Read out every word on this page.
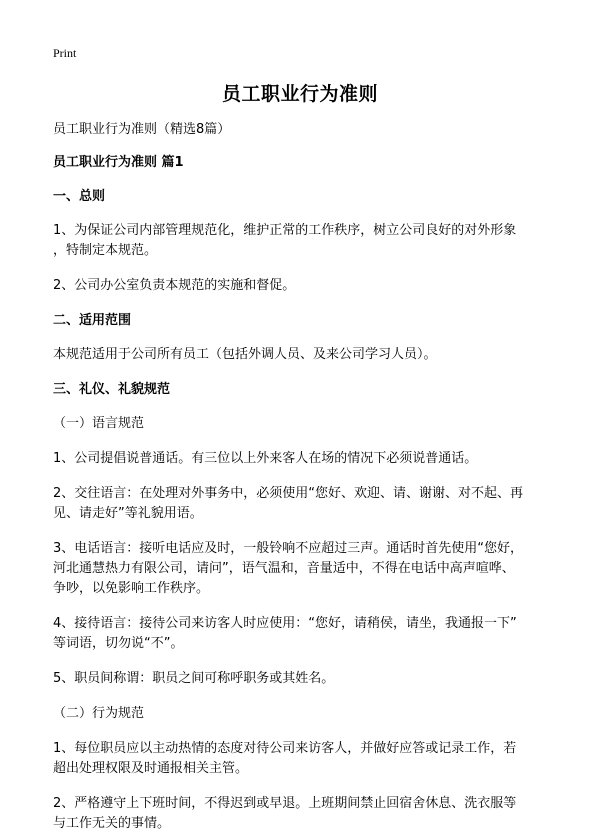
Print
员工职业行为准则

员工职业行为准则（精选8篇）

员工职业行为准则 篇1

一、总则

1、为保证公司内部管理规范化，维护正常的工作秩序，树立公司良好的对外形象
，特制定本规范。

2、公司办公室负责本规范的实施和督促。

二、适用范围

本规范适用于公司所有员工（包括外调人员、及来公司学习人员）。

三、礼仪、礼貌规范

（一）语言规范

1、公司提倡说普通话。有三位以上外来客人在场的情况下必须说普通话。

2、交往语言：在处理对外事务中，必须使用“您好、欢迎、请、谢谢、对不起、再
见、请走好”等礼貌用语。

3、电话语言：接听电话应及时，一般铃响不应超过三声。通话时首先使用“您好，
河北通慧热力有限公司，请问”，语气温和，音量适中，不得在电话中高声喧哗、
争吵，以免影响工作秩序。

4、接待语言：接待公司来访客人时应使用：“您好，请稍侯，请坐，我通报一下”
等词语，切勿说“不”。

5、职员间称谓：职员之间可称呼职务或其姓名。

（二）行为规范

1、每位职员应以主动热情的态度对待公司来访客人，并做好应答或记录工作，若
超出处理权限及时通报相关主管。

2、严格遵守上下班时间，不得迟到或早退。上班期间禁止回宿舍休息、洗衣服等
与工作无关的事情。
